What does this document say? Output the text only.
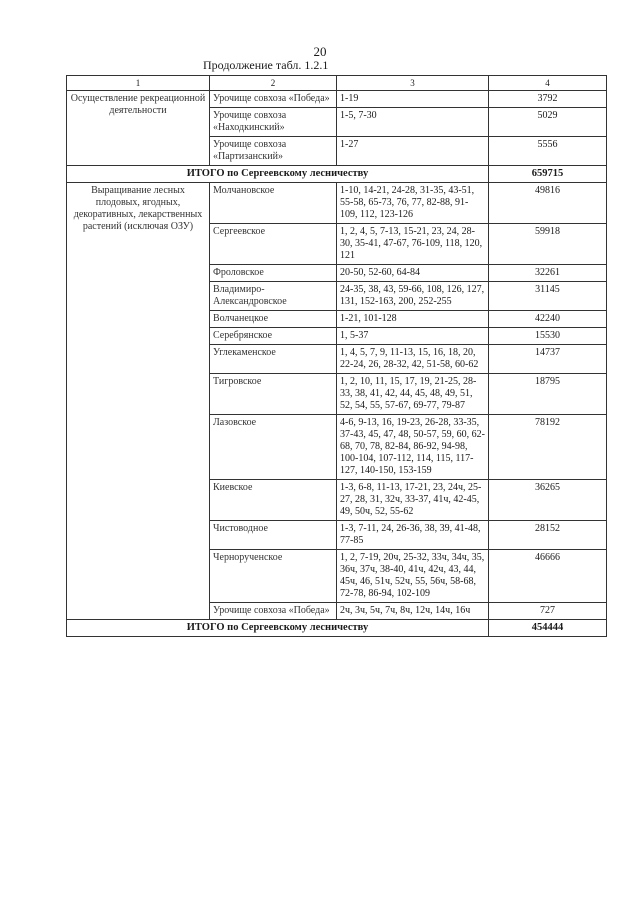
20
Продолжение табл. 1.2.1
1	2	3	4
Осуществление рекреационной деятельности	Урочище совхоза «Победа»	1-19	3792
	Урочище совхоза «Находкинский»	1-5, 7-30	5029
	Урочище совхоза «Партизанский»	1-27	5556
ИТОГО по Сергеевскому лесничеству			659715
Выращивание лесных плодовых, ягодных, декоративных, лекарственных растений (исключая ОЗУ)	Молчановское	1-10, 14-21, 24-28, 31-35, 43-51, 55-58, 65-73, 76, 77, 82-88, 91-109, 112, 123-126	49816
	Сергеевское	1, 2, 4, 5, 7-13, 15-21, 23, 24, 28-30, 35-41, 47-67, 76-109, 118, 120, 121	59918
	Фроловское	20-50, 52-60, 64-84	32261
	Владимиро-Александровское	24-35, 38, 43, 59-66, 108, 126, 127, 131, 152-163, 200, 252-255	31145
	Волчанецкое	1-21, 101-128	42240
	Серебрянское	1, 5-37	15530
	Углекаменское	1, 4, 5, 7, 9, 11-13, 15, 16, 18, 20, 22-24, 26, 28-32, 42, 51-58, 60-62	14737
	Тигровское	1, 2, 10, 11, 15, 17, 19, 21-25, 28-33, 38, 41, 42, 44, 45, 48, 49, 51, 52, 54, 55, 57-67, 69-77, 79-87	18795
	Лазовское	4-6, 9-13, 16, 19-23, 26-28, 33-35, 37-43, 45, 47, 48, 50-57, 59, 60, 62-68, 70, 78, 82-84, 86-92, 94-98, 100-104, 107-112, 114, 115, 117-127, 140-150, 153-159	78192
	Киевское	1-3, 6-8, 11-13, 17-21, 23, 24ч, 25-27, 28, 31, 32ч, 33-37, 41ч, 42-45, 49, 50ч, 52, 55-62	36265
	Чистоводное	1-3, 7-11, 24, 26-36, 38, 39, 41-48, 77-85	28152
	Чернорученское	1, 2, 7-19, 20ч, 25-32, 33ч, 34ч, 35, 36ч, 37ч, 38-40, 41ч, 42ч, 43, 44, 45ч, 46, 51ч, 52ч, 55, 56ч, 58-68, 72-78, 86-94, 102-109	46666
	Урочище совхоза «Победа»	2ч, 3ч, 5ч, 7ч, 8ч, 12ч, 14ч, 16ч	727
ИТОГО по Сергеевскому лесничеству			454444
